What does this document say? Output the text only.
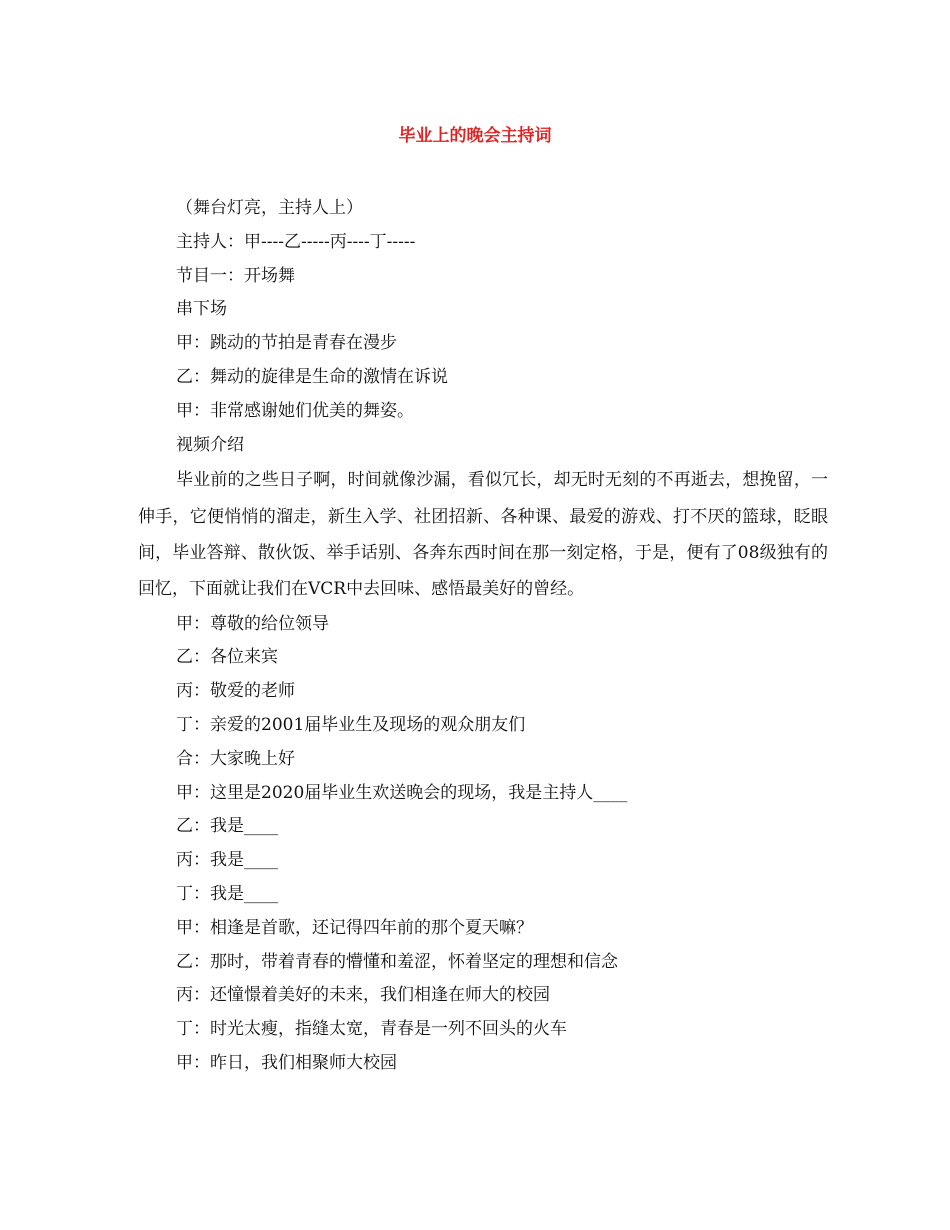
毕业上的晚会主持词
（舞台灯亮，主持人上）
主持人：甲----乙-----丙----丁-----
节目一：开场舞
串下场
甲：跳动的节拍是青春在漫步
乙：舞动的旋律是生命的激情在诉说
甲：非常感谢她们优美的舞姿。
视频介绍

毕业前的之些日子啊，时间就像沙漏，看似冗长，却无时无刻的不再逝去，想挽留，一伸手，它便悄悄的溜走，新生入学、社团招新、各种课、最爱的游戏、打不厌的篮球，眨眼间，毕业答辩、散伙饭、举手话别、各奔东西时间在那一刻定格，于是，便有了08级独有的回忆，下面就让我们在VCR中去回味、感悟最美好的曾经。

甲：尊敬的给位领导
乙：各位来宾
丙：敬爱的老师
丁：亲爱的2001届毕业生及现场的观众朋友们
合：大家晚上好
甲：这里是2020届毕业生欢送晚会的现场，我是主持人____
乙：我是____
丙：我是____
丁：我是____
甲：相逢是首歌，还记得四年前的那个夏天嘛？
乙：那时，带着青春的懵懂和羞涩，怀着坚定的理想和信念
丙：还憧憬着美好的未来，我们相逢在师大的校园
丁：时光太瘦，指缝太宽，青春是一列不回头的火车
甲：昨日，我们相聚师大校园
